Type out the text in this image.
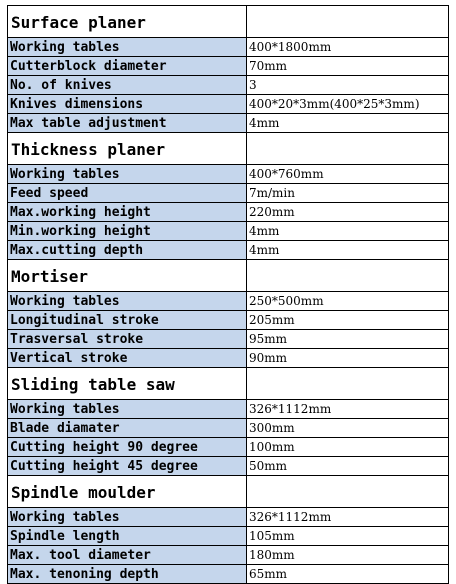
Surface planer	
Working tables	400*1800mm
Cutterblock diameter	70mm
No. of knives	3
Knives dimensions	400*20*3mm(400*25*3mm)
Max table adjustment	4mm
Thickness planer	
Working tables	400*760mm
Feed speed	7m/min
Max.working height	220mm
Min.working height	4mm
Max.cutting depth	4mm
Mortiser	
Working tables	250*500mm
Longitudinal stroke	205mm
Trasversal stroke	95mm
Vertical stroke	90mm
Sliding table saw	
Working tables	326*1112mm
Blade diamater	300mm
Cutting height 90 degree	100mm
Cutting height 45 degree	50mm
Spindle moulder	
Working tables	326*1112mm
Spindle length	105mm
Max. tool diameter	180mm
Max. tenoning depth	65mm
